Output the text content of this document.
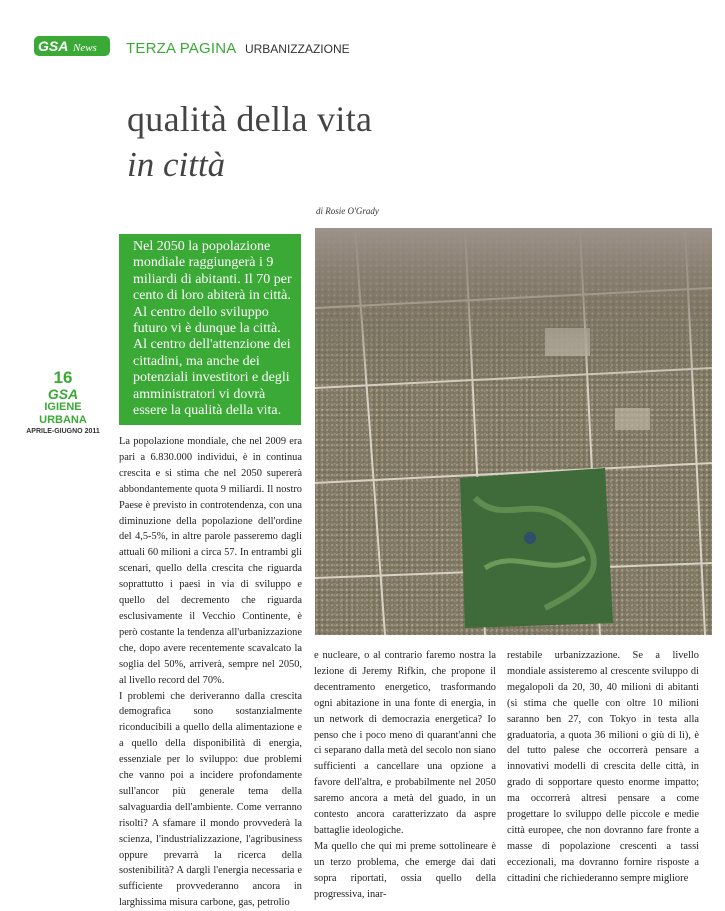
GSA News TERZA PAGINA URBANIZZAZIONE
qualità della vita
in città
di Rosie O'Grady
Nel 2050 la popolazione mondiale raggiungerà i 9 miliardi di abitanti. Il 70 per cento di loro abiterà in città. Al centro dello sviluppo futuro vi è dunque la città. Al centro dell'attenzione dei cittadini, ma anche dei potenziali investitori e degli amministratori vi dovrà essere la qualità della vita.
16
GSA
IGIENE URBANA
APRILE-GIUGNO 2011

La popolazione mondiale, che nel 2009 era pari a 6.830.000 individui, è in continua crescita e si stima che nel 2050 supererà abbondantemente quota 9 miliardi. Il nostro Paese è previsto in controtendenza, con una diminuzione della popolazione dell'ordine del 4,5-5%, in altre parole passeremo dagli attuali 60 milioni a circa 57. In entrambi gli scenari, quello della crescita che riguarda soprattutto i paesi in via di sviluppo e quello del decremento che riguarda esclusivamente il Vecchio Continente, è però costante la tendenza all'urbanizzazione che, dopo avere recentemente scavalcato la soglia del 50%, arriverà, sempre nel 2050, al livello record del 70%.

I problemi che deriveranno dalla crescita demografica sono sostanzialmente riconducibili a quello della alimentazione e a quello della disponibilità di energia, essenziale per lo sviluppo: due problemi che vanno poi a incidere profondamente sull'ancor più generale tema della salvaguardia dell'ambiente. Come verranno risolti? A sfamare il mondo provvederà la scienza, l'industrializzazione, l'agribusiness oppure prevarrà la ricerca della sostenibilità? A dargli l'energia necessaria e sufficiente provvederanno ancora in larghissima misura carbone, gas, petrolio

e nucleare, o al contrario faremo nostra la lezione di Jeremy Rifkin, che propone il decentramento energetico, trasformando ogni abitazione in una fonte di energia, in un network di democrazia energetica? Io penso che i poco meno di quarant'anni che ci separano dalla metà del secolo non siano sufficienti a cancellare una opzione a favore dell'altra, e probabilmente nel 2050 saremo ancora a metà del guado, in un contesto ancora caratterizzato da aspre battaglie ideologiche.

Ma quello che qui mi preme sottolineare è un terzo problema, che emerge dai dati sopra riportati, ossia quello della progressiva, inar-

restabile urbanizzazione. Se a livello mondiale assisteremo al crescente sviluppo di megalopoli da 20, 30, 40 milioni di abitanti (si stima che quelle con oltre 10 milioni saranno ben 27, con Tokyo in testa alla graduatoria, a quota 36 milioni o giù di lì), è del tutto palese che occorrerà pensare a innovativi modelli di crescita delle città, in grado di sopportare questo enorme impatto; ma occorrerà altresì pensare a come progettare lo sviluppo delle piccole e medie città europee, che non dovranno fare fronte a masse di popolazione crescenti a tassi eccezionali, ma dovranno fornire risposte a cittadini che richiederanno sempre migliore
